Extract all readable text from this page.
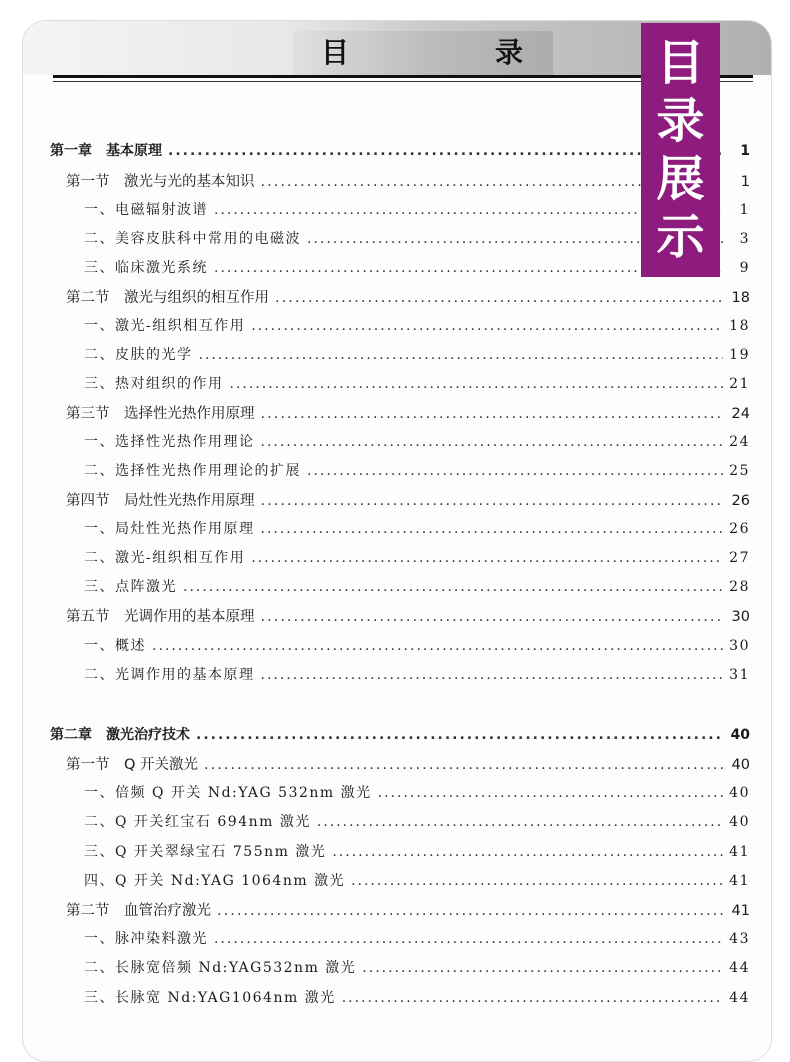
目	录	目
录
展
示
第一章　基本原理 .....	1
第一节　激光与光的基本知识 .....	1
一、电磁辐射波谱 .....	1
二、美容皮肤科中常用的电磁波 .....	3
三、临床激光系统 .....	9
第二节　激光与组织的相互作用 .....	18
一、激光-组织相互作用 .....	18
二、皮肤的光学 .....	19
三、热对组织的作用 .....	21
第三节　选择性光热作用原理 .....	24
一、选择性光热作用理论 .....	24
二、选择性光热作用理论的扩展 .....	25
第四节　局灶性光热作用原理 .....	26
一、局灶性光热作用原理 .....	26
二、激光-组织相互作用 .....	27
三、点阵激光 .....	28
第五节　光调作用的基本原理 .....	30
一、概述 .....	30
二、光调作用的基本原理 .....	31
第二章　激光治疗技术 .....	40
第一节　Q 开关激光 .....	40
一、倍频 Q 开关 Nd:YAG 532nm 激光 .....	40
二、Q 开关红宝石 694nm 激光 .....	40
三、Q 开关翠绿宝石 755nm 激光 .....	41
四、Q 开关 Nd:YAG 1064nm 激光 .....	41
第二节　血管治疗激光 .....	41
一、脉冲染料激光 .....	43
二、长脉宽倍频 Nd:YAG532nm 激光 .....	44
三、长脉宽 Nd:YAG1064nm 激光 .....	44
